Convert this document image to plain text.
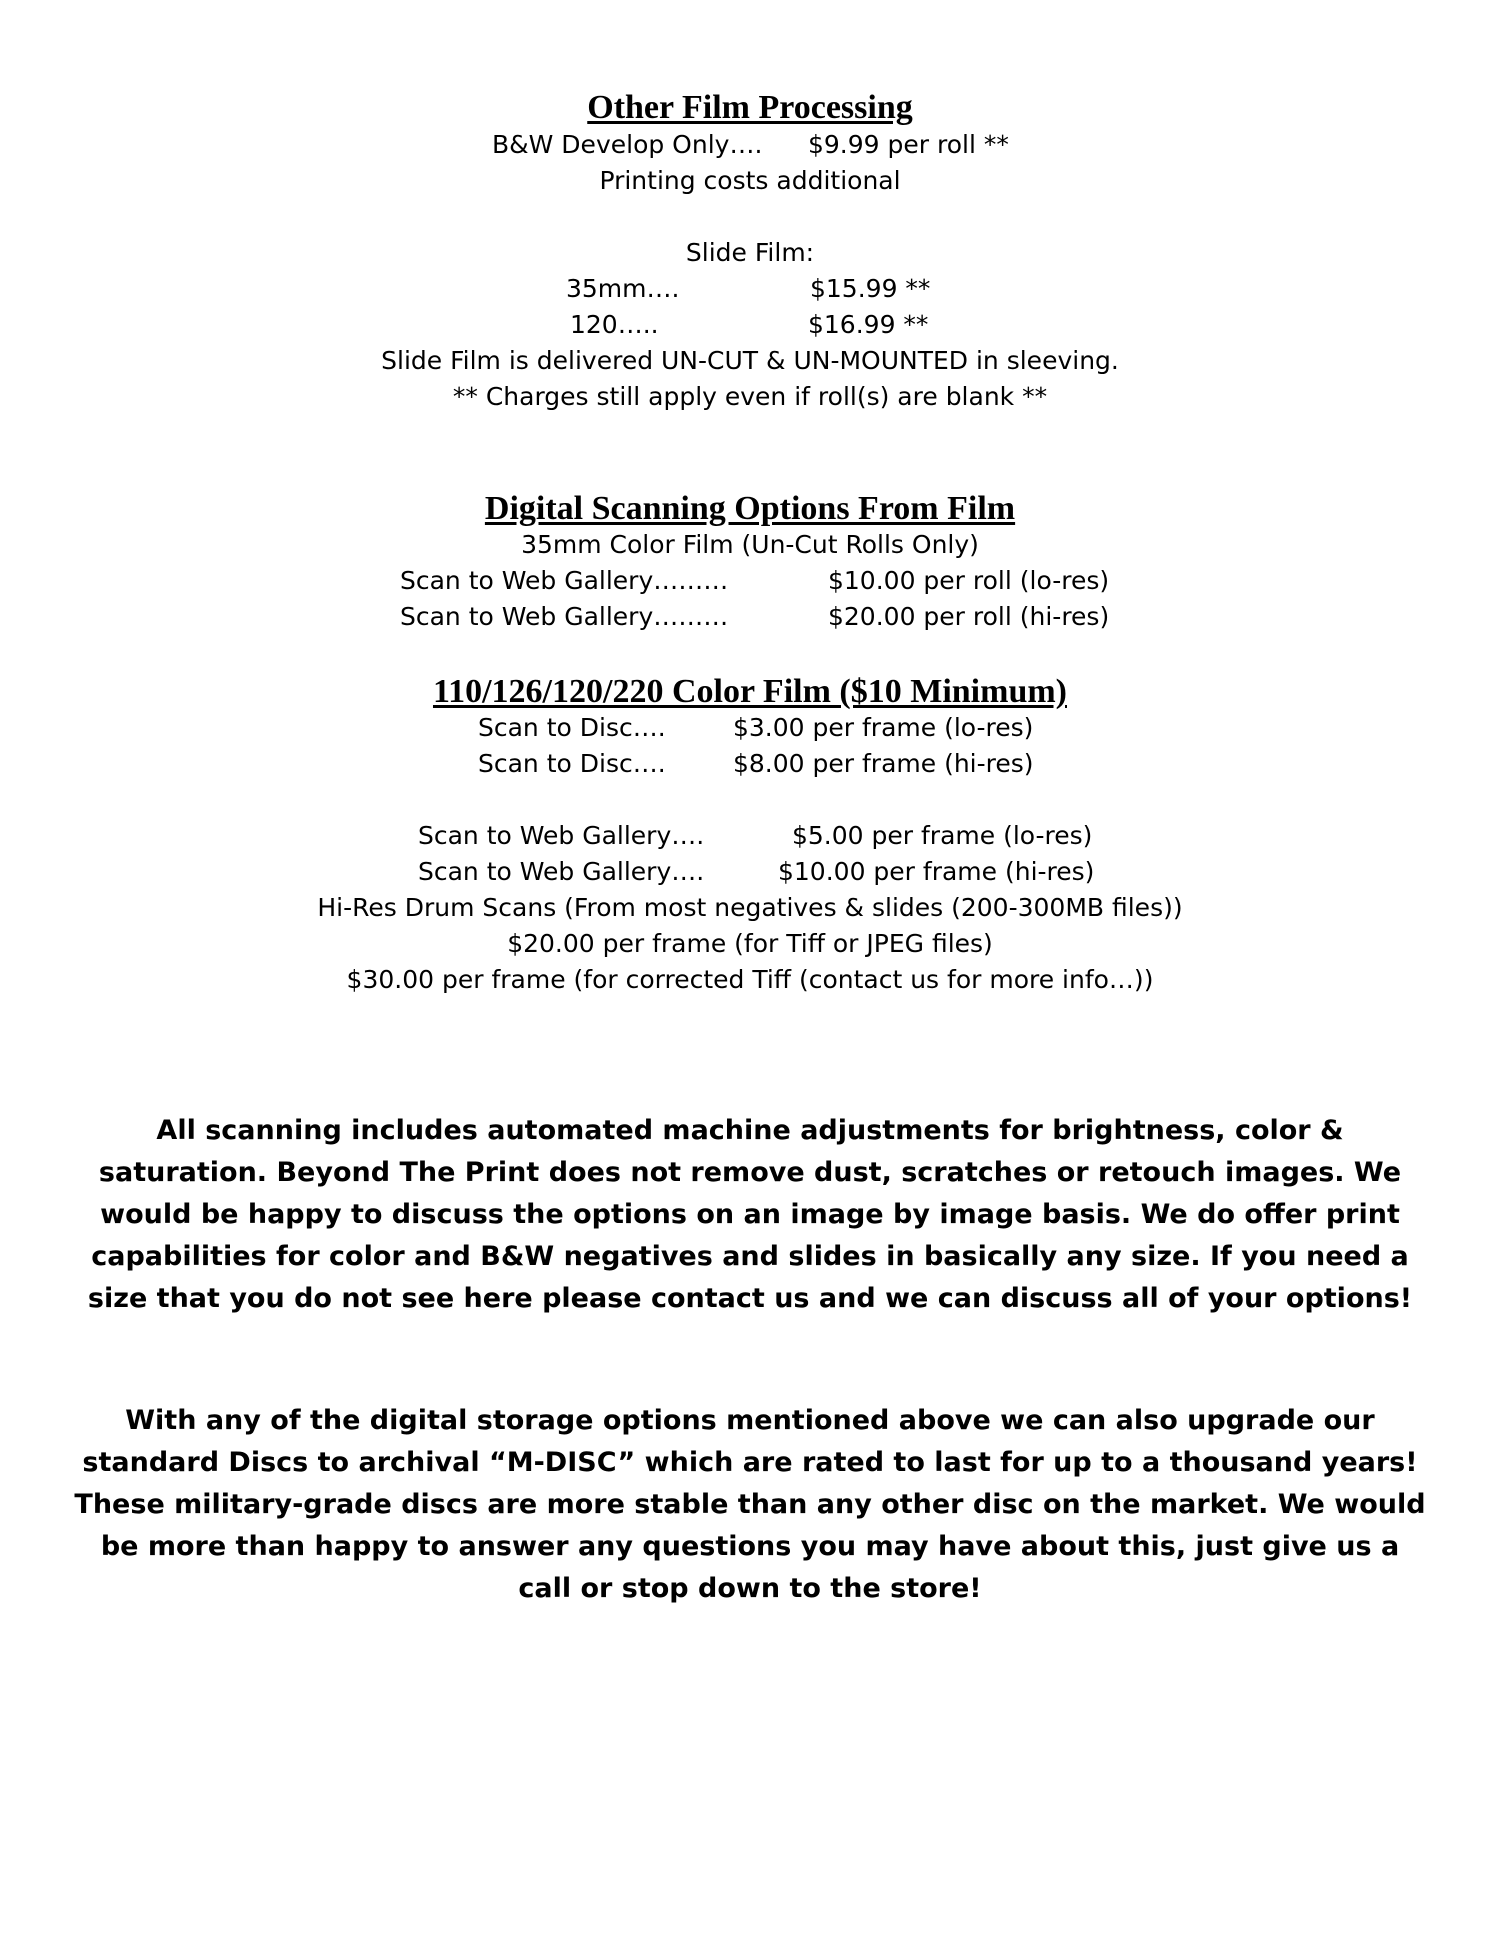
Other Film Processing
B&W Develop Only…. $9.99 per roll **
Printing costs additional
Slide Film:
35mm….	$15.99 **
120…..	$16.99 **
Slide Film is delivered UN-CUT & UN-MOUNTED in sleeving.
** Charges still apply even if roll(s) are blank **
Digital Scanning Options From Film
35mm Color Film (Un-Cut Rolls Only)
Scan to Web Gallery………	$10.00 per roll (lo-res)
Scan to Web Gallery………	$20.00 per roll (hi-res)
110/126/120/220 Color Film ($10 Minimum)
Scan to Disc….	$3.00 per frame (lo-res)
Scan to Disc….	$8.00 per frame (hi-res)
Scan to Web Gallery….	$5.00 per frame (lo-res)
Scan to Web Gallery….	$10.00 per frame (hi-res)
Hi-Res Drum Scans (From most negatives & slides (200-300MB files))
$20.00 per frame (for Tiff or JPEG files)
$30.00 per frame (for corrected Tiff (contact us for more info…))
All scanning includes automated machine adjustments for brightness, color & saturation. Beyond The Print does not remove dust, scratches or retouch images. We would be happy to discuss the options on an image by image basis. We do offer print capabilities for color and B&W negatives and slides in basically any size. If you need a size that you do not see here please contact us and we can discuss all of your options!
With any of the digital storage options mentioned above we can also upgrade our standard Discs to archival “M-DISC” which are rated to last for up to a thousand years! These military-grade discs are more stable than any other disc on the market. We would be more than happy to answer any questions you may have about this, just give us a call or stop down to the store!
